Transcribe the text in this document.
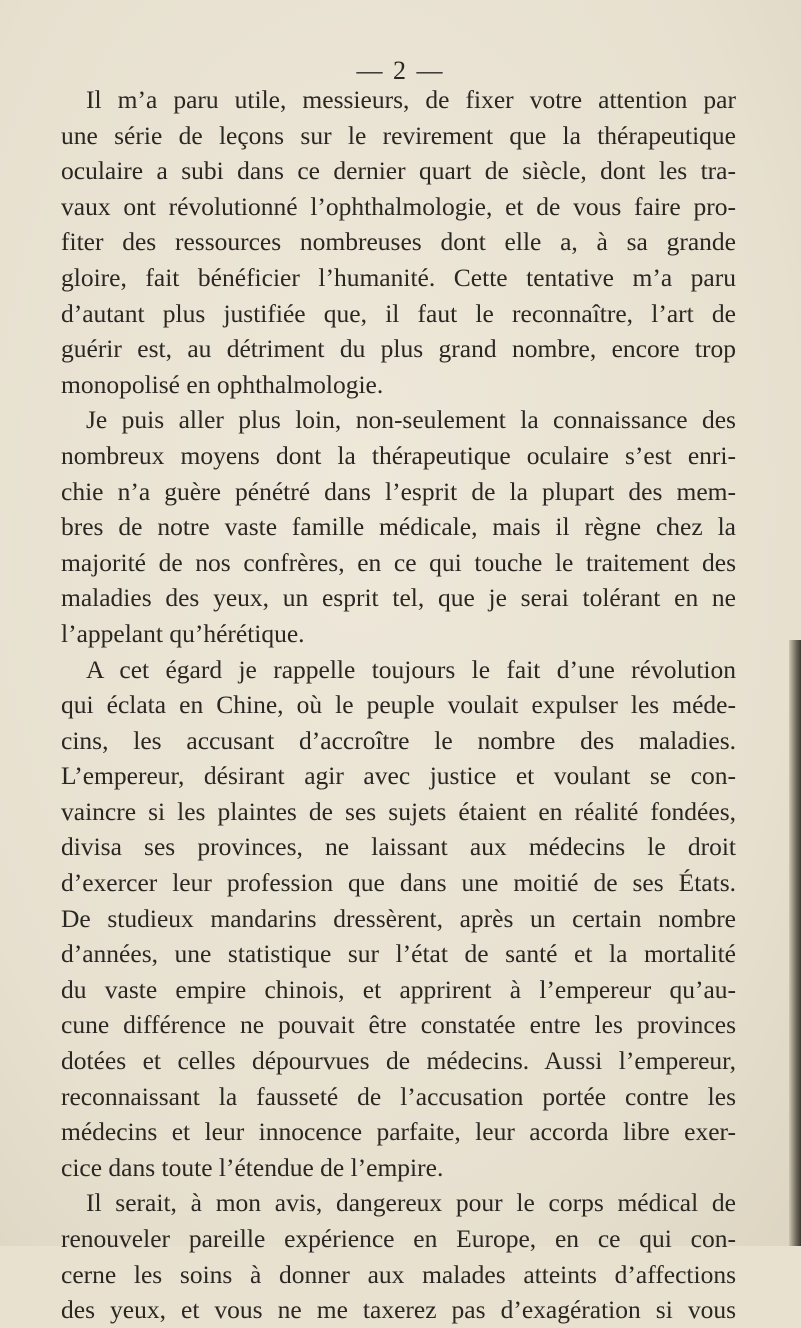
— 2 —

Il m’a paru utile, messieurs, de fixer votre attention par
une série de leçons sur le revirement que la thérapeutique
oculaire a subi dans ce dernier quart de siècle, dont les tra-
vaux ont révolutionné l’ophthalmologie, et de vous faire pro-
fiter des ressources nombreuses dont elle a, à sa grande
gloire, fait bénéficier l’humanité. Cette tentative m’a paru
d’autant plus justifiée que, il faut le reconnaître, l’art de
guérir est, au détriment du plus grand nombre, encore trop
monopolisé en ophthalmologie.

Je puis aller plus loin, non-seulement la connaissance des
nombreux moyens dont la thérapeutique oculaire s’est enri-
chie n’a guère pénétré dans l’esprit de la plupart des mem-
bres de notre vaste famille médicale, mais il règne chez la
majorité de nos confrères, en ce qui touche le traitement des
maladies des yeux, un esprit tel, que je serai tolérant en ne
l’appelant qu’hérétique.

A cet égard je rappelle toujours le fait d’une révolution
qui éclata en Chine, où le peuple voulait expulser les méde-
cins, les accusant d’accroître le nombre des maladies.
L’empereur, désirant agir avec justice et voulant se con-
vaincre si les plaintes de ses sujets étaient en réalité fondées,
divisa ses provinces, ne laissant aux médecins le droit
d’exercer leur profession que dans une moitié de ses États.
De studieux mandarins dressèrent, après un certain nombre
d’années, une statistique sur l’état de santé et la mortalité
du vaste empire chinois, et apprirent à l’empereur qu’au-
cune différence ne pouvait être constatée entre les provinces
dotées et celles dépourvues de médecins. Aussi l’empereur,
reconnaissant la fausseté de l’accusation portée contre les
médecins et leur innocence parfaite, leur accorda libre exer-
cice dans toute l’étendue de l’empire.

Il serait, à mon avis, dangereux pour le corps médical de
renouveler pareille expérience en Europe, en ce qui con-
cerne les soins à donner aux malades atteints d’affections
des yeux, et vous ne me taxerez pas d’exagération si vous
